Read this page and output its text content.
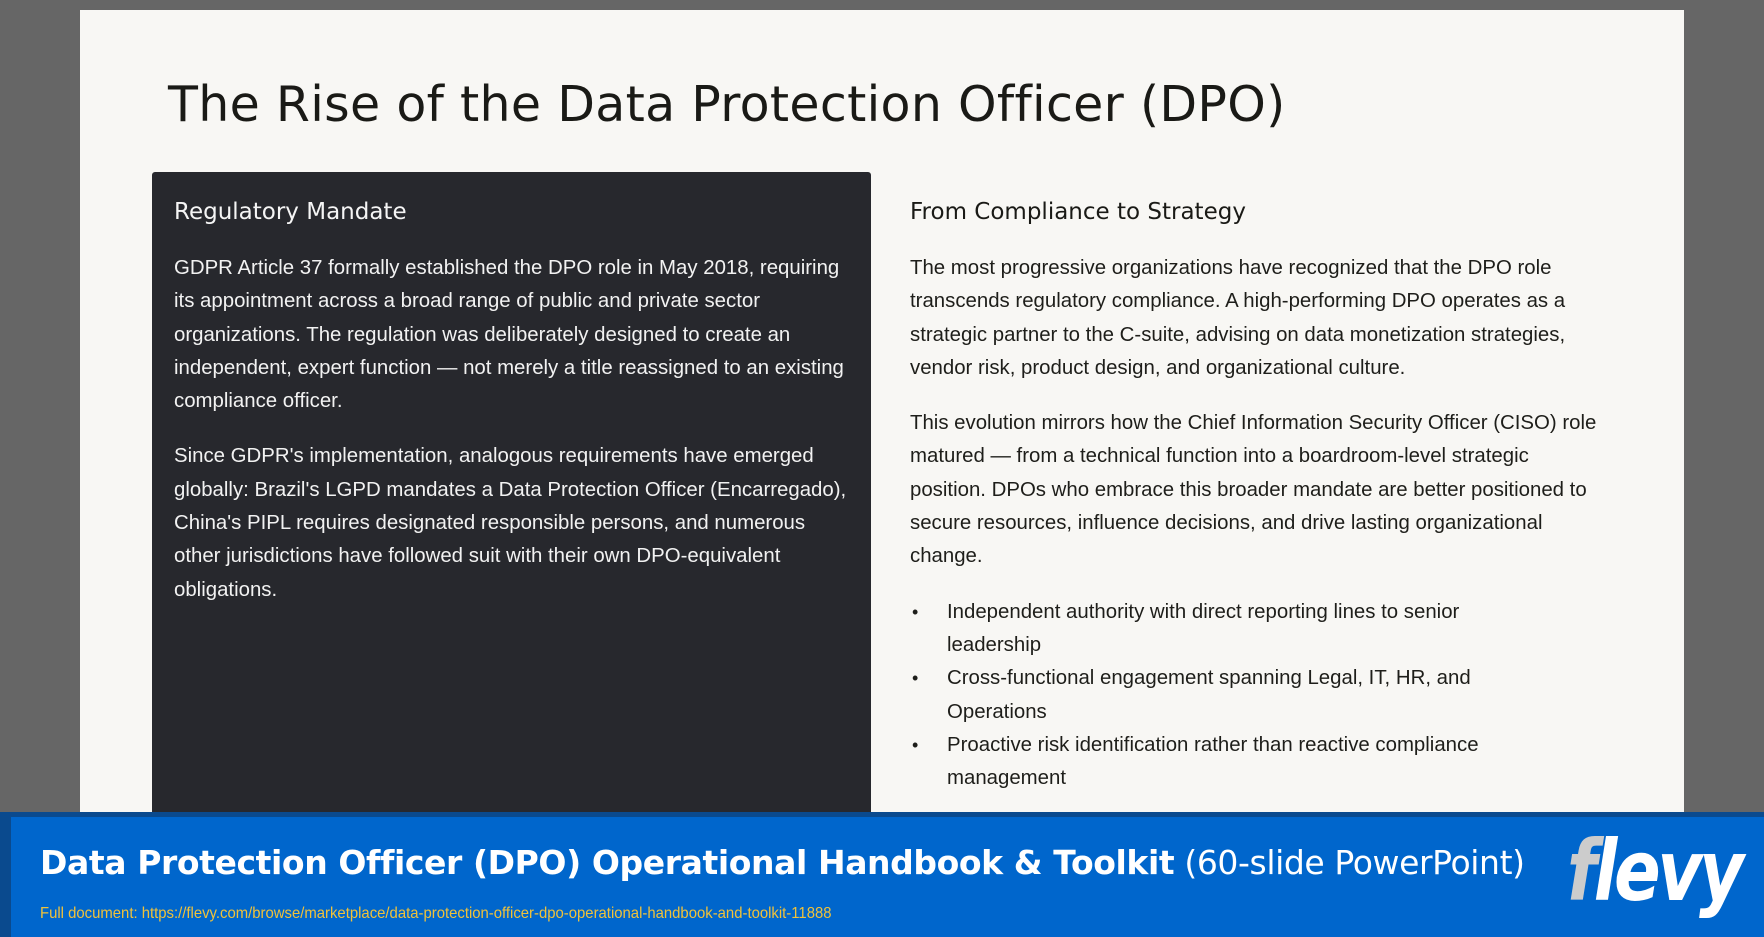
The Rise of the Data Protection Officer (DPO)
Regulatory Mandate

GDPR Article 37 formally established the DPO role in May 2018, requiring its appointment across a broad range of public and private sector organizations. The regulation was deliberately designed to create an independent, expert function — not merely a title reassigned to an existing compliance officer.

Since GDPR's implementation, analogous requirements have emerged globally: Brazil's LGPD mandates a Data Protection Officer (Encarregado), China's PIPL requires designated responsible persons, and numerous other jurisdictions have followed suit with their own DPO-equivalent obligations.

From Compliance to Strategy

The most progressive organizations have recognized that the DPO role transcends regulatory compliance. A high-performing DPO operates as a strategic partner to the C-suite, advising on data monetization strategies, vendor risk, product design, and organizational culture.

This evolution mirrors how the Chief Information Security Officer (CISO) role matured — from a technical function into a boardroom-level strategic position. DPOs who embrace this broader mandate are better positioned to secure resources, influence decisions, and drive lasting organizational change.

• Independent authority with direct reporting lines to senior leadership
• Cross-functional engagement spanning Legal, IT, HR, and Operations
• Proactive risk identification rather than reactive compliance management
Data Protection Officer (DPO) Operational Handbook & Toolkit (60-slide PowerPoint)
Full document: https://flevy.com/browse/marketplace/data-protection-officer-dpo-operational-handbook-and-toolkit-11888	flevy
